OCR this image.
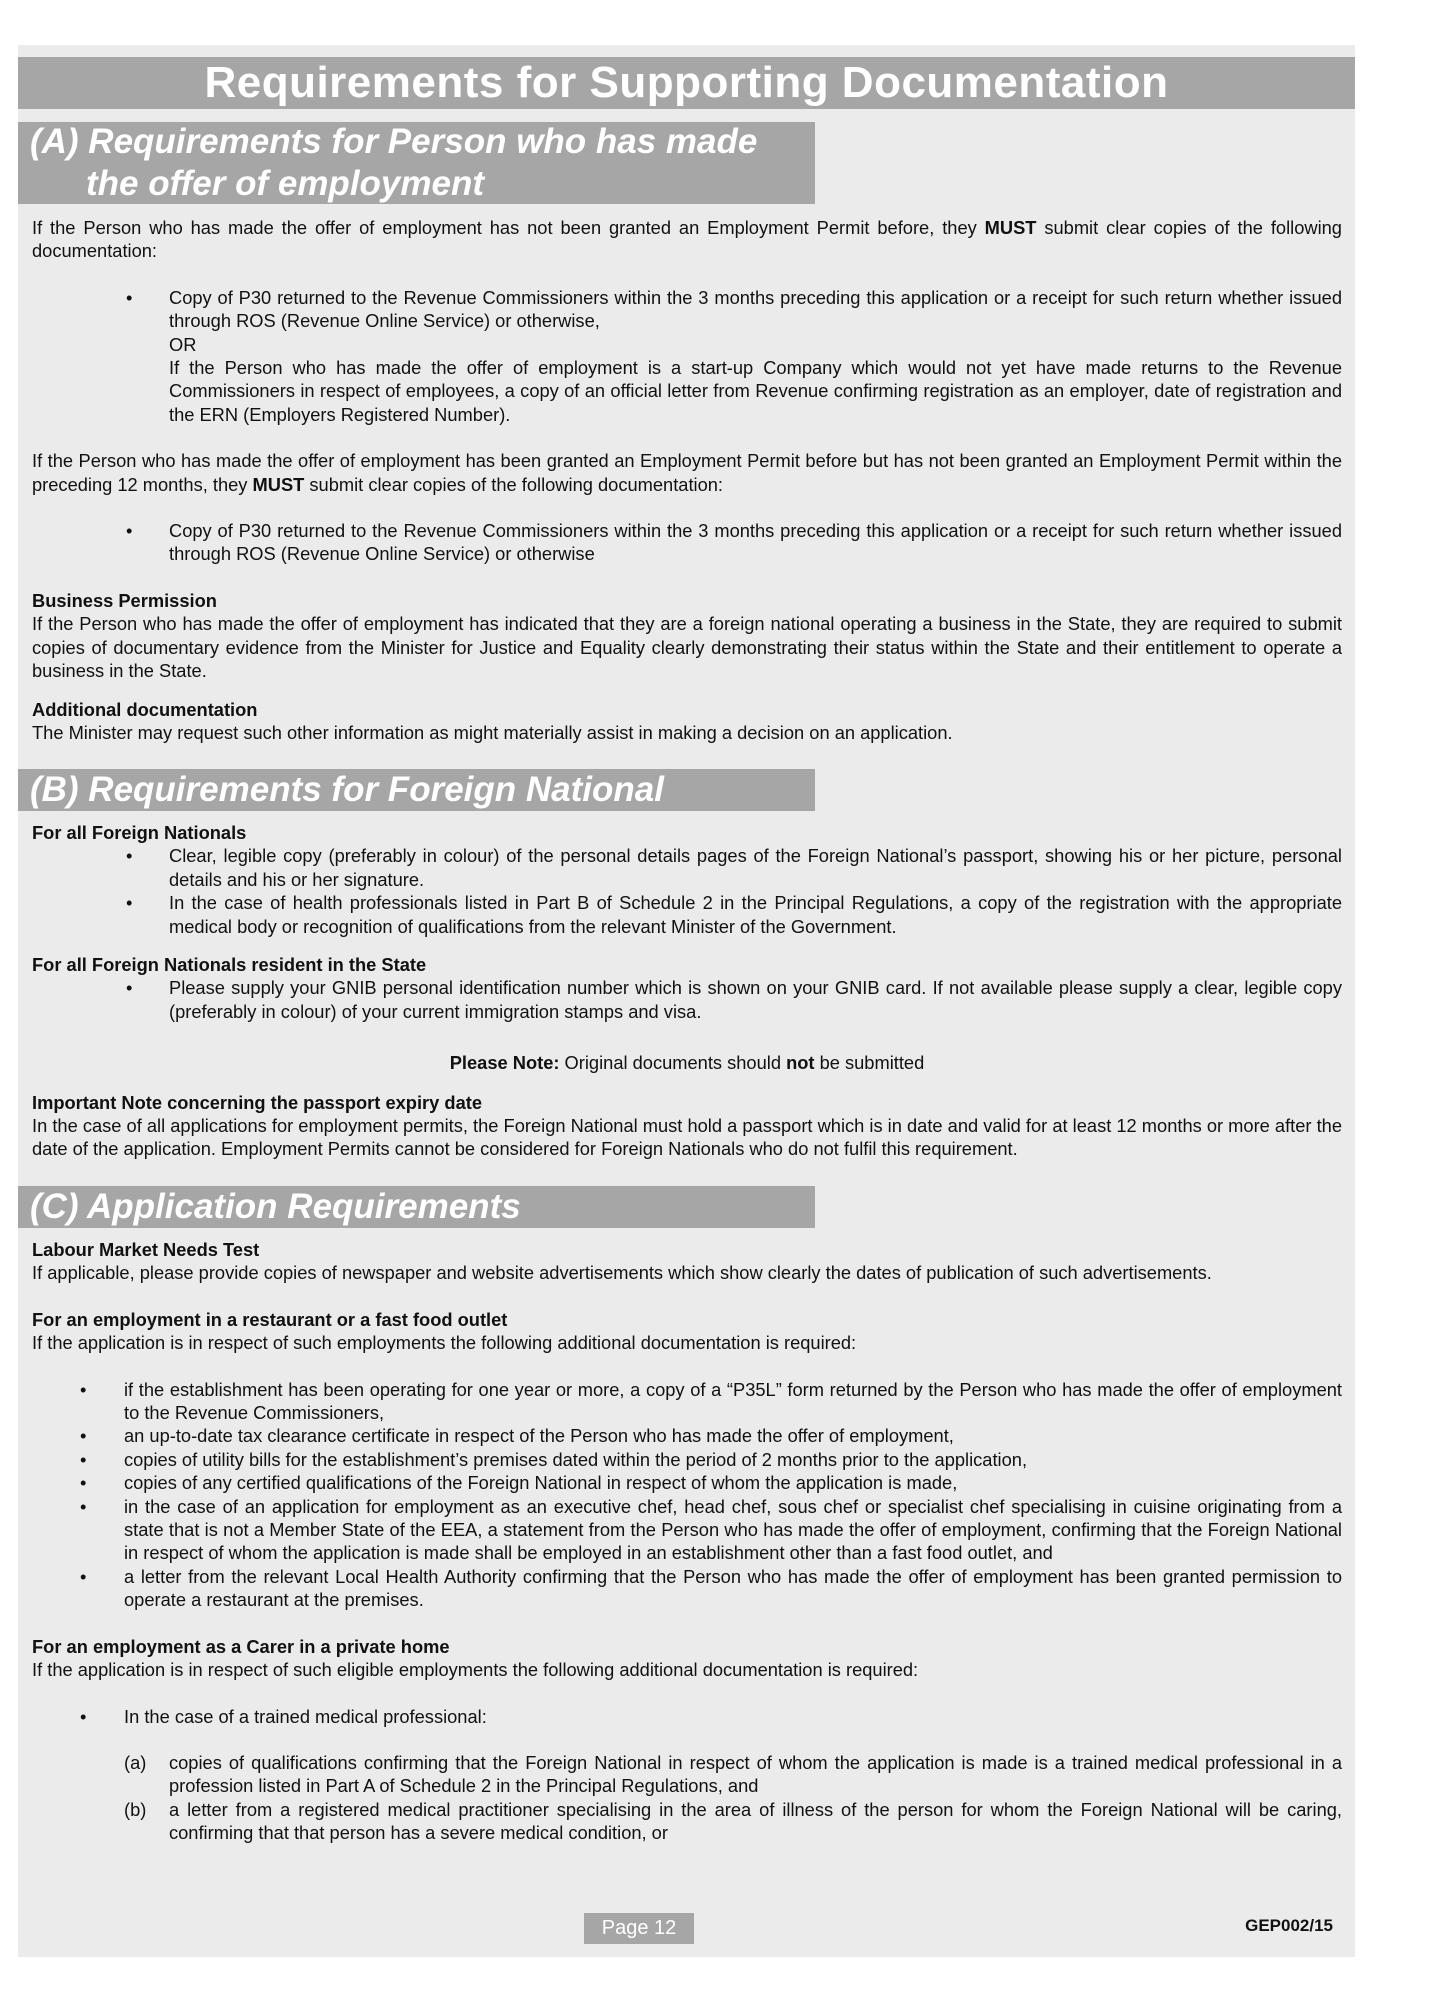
Requirements for Supporting Documentation
(A) Requirements for Person who has made
the offer of employment

If the Person who has made the offer of employment has not been granted an Employment Permit before, they MUST submit clear copies of the following documentation:

• Copy of P30 returned to the Revenue Commissioners within the 3 months preceding this application or a receipt for such return whether issued through ROS (Revenue Online Service) or otherwise,
OR
If the Person who has made the offer of employment is a start-up Company which would not yet have made returns to the Revenue Commissioners in respect of employees, a copy of an official letter from Revenue confirming registration as an employer, date of registration and the ERN (Employers Registered Number).

If the Person who has made the offer of employment has been granted an Employment Permit before but has not been granted an Employment Permit within the preceding 12 months, they MUST submit clear copies of the following documentation:

• Copy of P30 returned to the Revenue Commissioners within the 3 months preceding this application or a receipt for such return whether issued through ROS (Revenue Online Service) or otherwise
Business Permission

If the Person who has made the offer of employment has indicated that they are a foreign national operating a business in the State, they are required to submit copies of documentary evidence from the Minister for Justice and Equality clearly demonstrating their status within the State and their entitlement to operate a business in the State.

Additional documentation

The Minister may request such other information as might materially assist in making a decision on an application.

(B) Requirements for Foreign National
For all Foreign Nationals
• Clear, legible copy (preferably in colour) of the personal details pages of the Foreign National’s passport, showing his or her picture, personal details and his or her signature.
• In the case of health professionals listed in Part B of Schedule 2 in the Principal Regulations, a copy of the registration with the appropriate medical body or recognition of qualifications from the relevant Minister of the Government.
For all Foreign Nationals resident in the State
• Please supply your GNIB personal identification number which is shown on your GNIB card. If not available please supply a clear, legible copy (preferably in colour) of your current immigration stamps and visa.

Please Note: Original documents should not be submitted

Important Note concerning the passport expiry date

In the case of all applications for employment permits, the Foreign National must hold a passport which is in date and valid for at least 12 months or more after the date of the application. Employment Permits cannot be considered for Foreign Nationals who do not fulfil this requirement.

(C) Application Requirements
Labour Market Needs Test

If applicable, please provide copies of newspaper and website advertisements which show clearly the dates of publication of such advertisements.

For an employment in a restaurant or a fast food outlet

If the application is in respect of such employments the following additional documentation is required:

• if the establishment has been operating for one year or more, a copy of a “P35L” form returned by the Person who has made the offer of employment to the Revenue Commissioners,
• an up-to-date tax clearance certificate in respect of the Person who has made the offer of employment,
• copies of utility bills for the establishment’s premises dated within the period of 2 months prior to the application,
• copies of any certified qualifications of the Foreign National in respect of whom the application is made,
• in the case of an application for employment as an executive chef, head chef, sous chef or specialist chef specialising in cuisine originating from a state that is not a Member State of the EEA, a statement from the Person who has made the offer of employment, confirming that the Foreign National in respect of whom the application is made shall be employed in an establishment other than a fast food outlet, and
• a letter from the relevant Local Health Authority confirming that the Person who has made the offer of employment has been granted permission to operate a restaurant at the premises.
For an employment as a Carer in a private home

If the application is in respect of such eligible employments the following additional documentation is required:

• In the case of a trained medical professional:
(a) copies of qualifications confirming that the Foreign National in respect of whom the application is made is a trained medical professional in a profession listed in Part A of Schedule 2 in the Principal Regulations, and
(b) a letter from a registered medical practitioner specialising in the area of illness of the person for whom the Foreign National will be caring, confirming that that person has a severe medical condition, or
Page 12	GEP002/15
